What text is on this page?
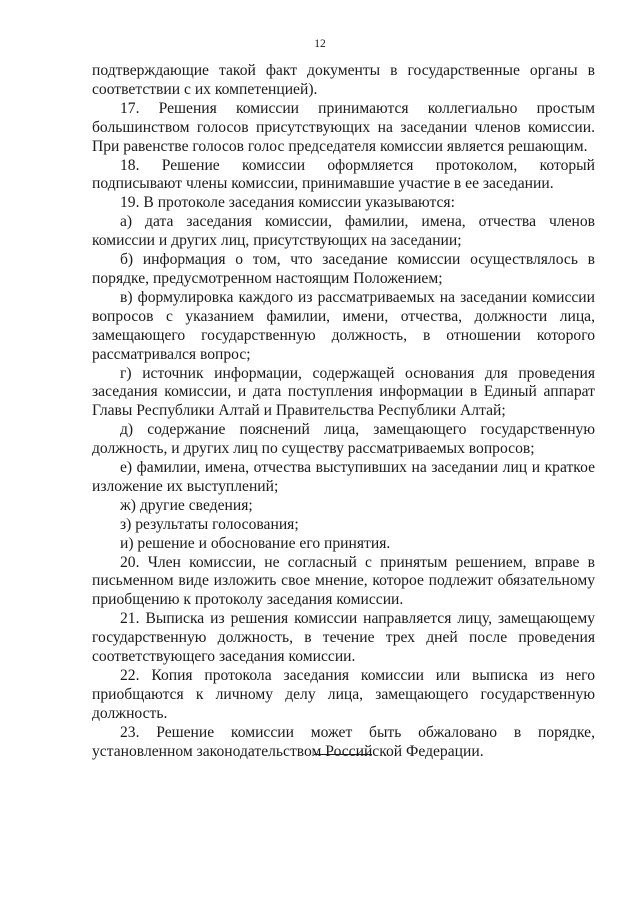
12

подтверждающие такой факт документы в государственные органы в соответствии с их компетенцией).

17. Решения комиссии принимаются коллегиально простым большинством голосов присутствующих на заседании членов комиссии. При равенстве голосов голос председателя комиссии является решающим.

18. Решение комиссии оформляется протоколом, который подписывают члены комиссии, принимавшие участие в ее заседании.

19. В протоколе заседания комиссии указываются:

а) дата заседания комиссии, фамилии, имена, отчества членов комиссии и других лиц, присутствующих на заседании;

б) информация о том, что заседание комиссии осуществлялось в порядке, предусмотренном настоящим Положением;

в) формулировка каждого из рассматриваемых на заседании комиссии вопросов с указанием фамилии, имени, отчества, должности лица, замещающего государственную должность, в отношении которого рассматривался вопрос;

г) источник информации, содержащей основания для проведения заседания комиссии, и дата поступления информации в Единый аппарат Главы Республики Алтай и Правительства Республики Алтай;

д) содержание пояснений лица, замещающего государственную должность, и других лиц по существу рассматриваемых вопросов;

е) фамилии, имена, отчества выступивших на заседании лиц и краткое изложение их выступлений;

ж) другие сведения;

з) результаты голосования;

и) решение и обоснование его принятия.

20. Член комиссии, не согласный с принятым решением, вправе в письменном виде изложить свое мнение, которое подлежит обязательному приобщению к протоколу заседания комиссии.

21. Выписка из решения комиссии направляется лицу, замещающему государственную должность, в течение трех дней после проведения соответствующего заседания комиссии.

22. Копия протокола заседания комиссии или выписка из него приобщаются к личному делу лица, замещающего государственную должность.

23. Решение комиссии может быть обжаловано в порядке, установленном законодательством Российской Федерации.
